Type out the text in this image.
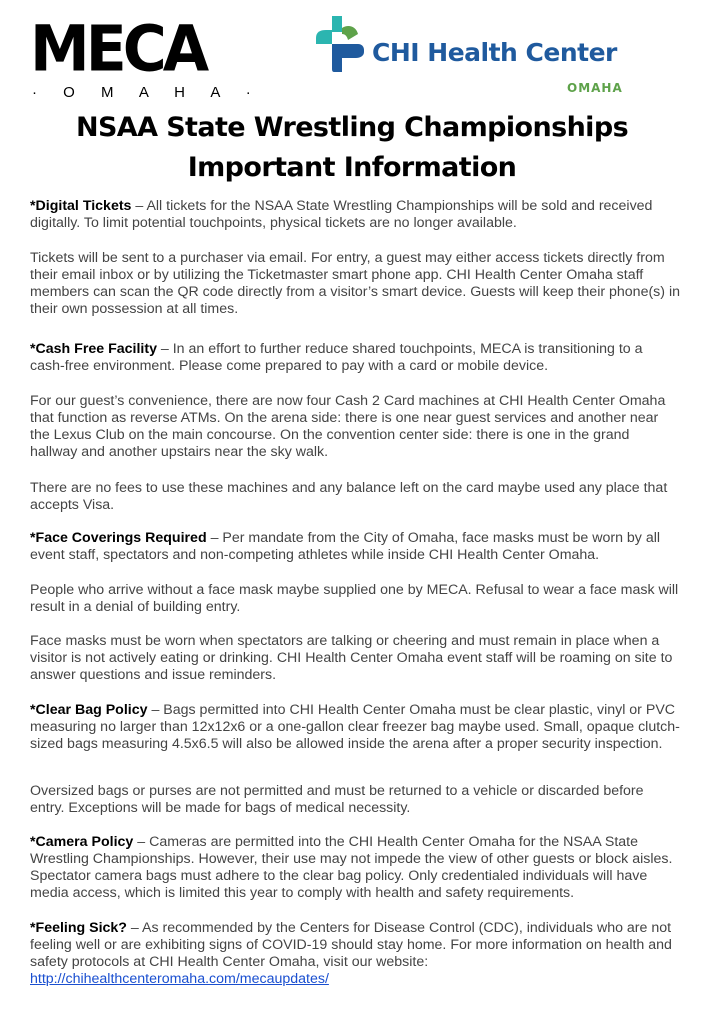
MECA
· O M A H A ·
CHI Health Center
OMAHA
NSAA State Wrestling Championships
Important Information

*Digital Tickets – All tickets for the NSAA State Wrestling Championships will be sold and received digitally. To limit potential touchpoints, physical tickets are no longer available.

Tickets will be sent to a purchaser via email. For entry, a guest may either access tickets directly from their email inbox or by utilizing the Ticketmaster smart phone app. CHI Health Center Omaha staff members can scan the QR code directly from a visitor’s smart device. Guests will keep their phone(s) in their own possession at all times.

*Cash Free Facility – In an effort to further reduce shared touchpoints, MECA is transitioning to a cash-free environment. Please come prepared to pay with a card or mobile device.

For our guest’s convenience, there are now four Cash 2 Card machines at CHI Health Center Omaha that function as reverse ATMs. On the arena side: there is one near guest services and another near the Lexus Club on the main concourse. On the convention center side: there is one in the grand hallway and another upstairs near the sky walk.

There are no fees to use these machines and any balance left on the card maybe used any place that accepts Visa.

*Face Coverings Required – Per mandate from the City of Omaha, face masks must be worn by all event staff, spectators and non-competing athletes while inside CHI Health Center Omaha.

People who arrive without a face mask maybe supplied one by MECA. Refusal to wear a face mask will result in a denial of building entry.

Face masks must be worn when spectators are talking or cheering and must remain in place when a visitor is not actively eating or drinking. CHI Health Center Omaha event staff will be roaming on site to answer questions and issue reminders.

*Clear Bag Policy – Bags permitted into CHI Health Center Omaha must be clear plastic, vinyl or PVC measuring no larger than 12x12x6 or a one-gallon clear freezer bag maybe used. Small, opaque clutch-sized bags measuring 4.5x6.5 will also be allowed inside the arena after a proper security inspection.

Oversized bags or purses are not permitted and must be returned to a vehicle or discarded before entry. Exceptions will be made for bags of medical necessity.

*Camera Policy – Cameras are permitted into the CHI Health Center Omaha for the NSAA State Wrestling Championships. However, their use may not impede the view of other guests or block aisles. Spectator camera bags must adhere to the clear bag policy. Only credentialed individuals will have media access, which is limited this year to comply with health and safety requirements.

*Feeling Sick? – As recommended by the Centers for Disease Control (CDC), individuals who are not feeling well or are exhibiting signs of COVID-19 should stay home. For more information on health and safety protocols at CHI Health Center Omaha, visit our website:
http://chihealthcenteromaha.com/mecaupdates/
